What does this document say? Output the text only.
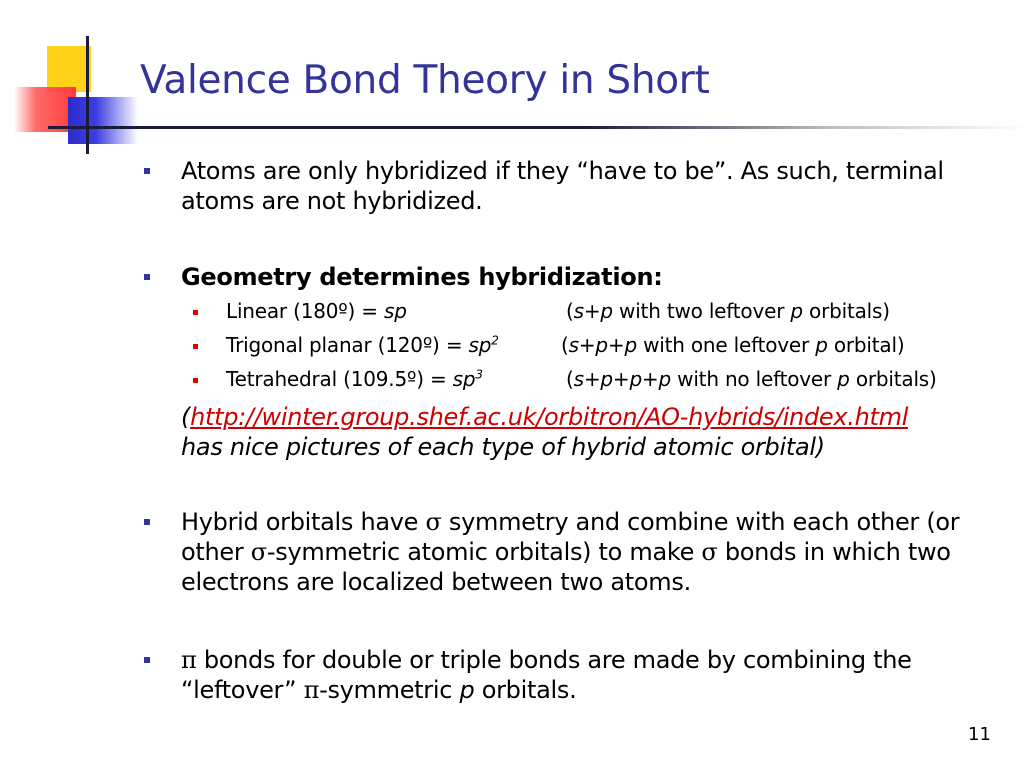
Valence Bond Theory in Short
Atoms are only hybridized if they “have to be”. As such, terminal
atoms are not hybridized.
Geometry determines hybridization:
Linear (180º) = sp	(s+p with two leftover p orbitals)
Trigonal planar (120º) = $sp^2$	(s+p+p with one leftover p orbital)
Tetrahedral (109.5º) = $sp^3$	(s+p+p+p with no leftover p orbitals)
(http://winter.group.shef.ac.uk/orbitron/AO-hybrids/index.html
has nice pictures of each type of hybrid atomic orbital)
Hybrid orbitals have σ symmetry and combine with each other (or
other σ-symmetric atomic orbitals) to make σ bonds in which two
electrons are localized between two atoms.
π bonds for double or triple bonds are made by combining the
“leftover” π-symmetric p orbitals.
11
